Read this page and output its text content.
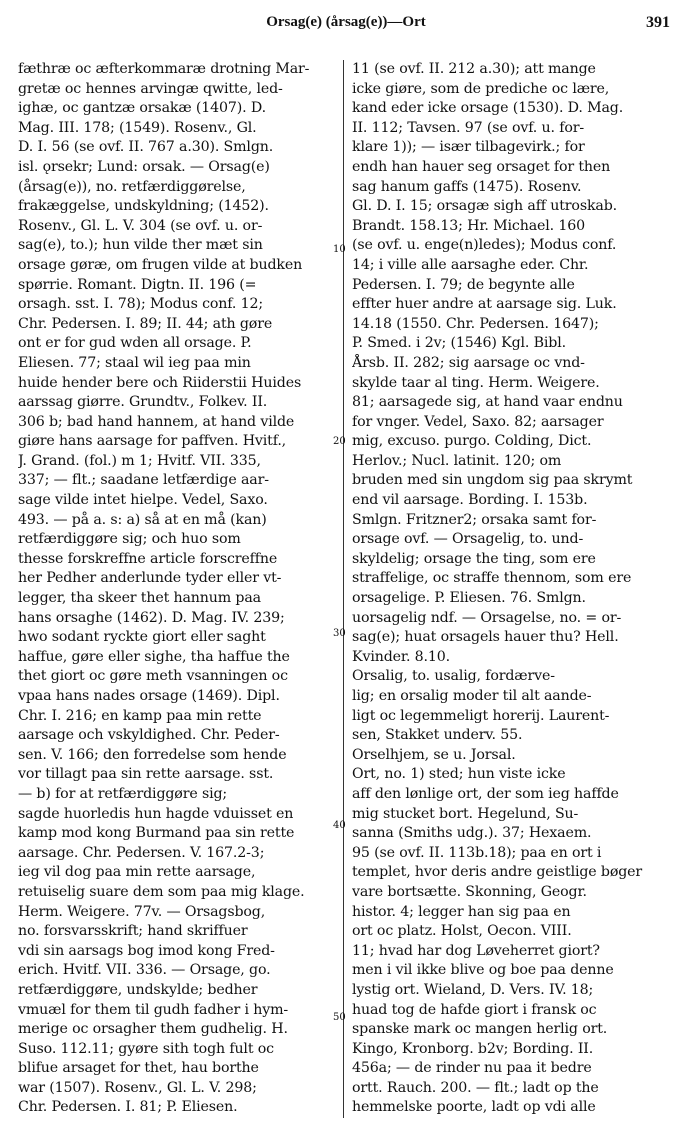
Orsag(e) (årsag(e))—Ort	391
10
20
30
40
50
fæthræ oc æfterkommaræ drotning Mar-
gretæ oc hennes arvingæ qwitte, led-
ighæ, oc gantzæ orsakæ (1407). D.
Mag. III. 178; (1549). Rosenv., Gl.
D. I. 56 (se ovf. II. 767 a.30). Smlgn.
isl. ǫrsekr; Lund: orsak. — Orsag(e)
(årsag(e)), no. retfærdiggørelse,
frakæggelse, undskyldning; (1452).
Rosenv., Gl. L. V. 304 (se ovf. u. or-
sag(e), to.); hun vilde ther mæt sin
orsage gøræ, om frugen vilde at budken
spørrie. Romant. Digtn. II. 196 (=
orsagh. sst. I. 78); Modus conf. 12;
Chr. Pedersen. I. 89; II. 44; ath gøre
ont er for gud wden all orsage. P.
Eliesen. 77; staal wil ieg paa min
huide hender bere och Riiderstii Huides
aarssag giørre. Grundtv., Folkev. II.
306 b; bad hand hannem, at hand vilde
giøre hans aarsage for paffven. Hvitf.,
J. Grand. (fol.) m 1; Hvitf. VII. 335,
337; — flt.; saadane letfærdige aar-
sage vilde intet hielpe. Vedel, Saxo.
493. — på a. s: a) så at en må (kan)
retfærdiggøre sig; och huo som
thesse forskreffne article forscreffne
her Pedher anderlunde tyder eller vt-
legger, tha skeer thet hannum paa
hans orsaghe (1462). D. Mag. IV. 239;
hwo sodant ryckte giort eller saght
haffue, gøre eller sighe, tha haffue the
thet giort oc gøre meth vsanningen oc
vpaa hans nades orsage (1469). Dipl.
Chr. I. 216; en kamp paa min rette
aarsage och vskyldighed. Chr. Peder-
sen. V. 166; den forredelse som hende
vor tillagt paa sin rette aarsage. sst.
— b) for at retfærdiggøre sig;
sagde huorledis hun hagde vduisset en
kamp mod kong Burmand paa sin rette
aarsage. Chr. Pedersen. V. 167.2-3;
ieg vil dog paa min rette aarsage,
retuiselig suare dem som paa mig klage.
Herm. Weigere. 77v. — Orsagsbog,
no. forsvarsskrift; hand skriffuer
vdi sin aarsags bog imod kong Fred-
erich. Hvitf. VII. 336. — Orsage, go.
retfærdiggøre, undskylde; bedher
vmuæl for them til gudh fadher i hym-
merige oc orsagher them gudhelig. H.
Suso. 112.11; gyøre sith togh fult oc
blifue arsaget for thet, hau borthe
war (1507). Rosenv., Gl. L. V. 298;
Chr. Pedersen. I. 81; P. Eliesen.
11 (se ovf. II. 212 a.30); att mange
icke giøre, som de prediche oc lære,
kand eder icke orsage (1530). D. Mag.
II. 112; Tavsen. 97 (se ovf. u. for-
klare 1)); — især tilbagevirk.; for
endh han hauer seg orsaget for then
sag hanum gaffs (1475). Rosenv.
Gl. D. I. 15; orsagæ sigh aff utroskab.
Brandt. 158.13; Hr. Michael. 160
(se ovf. u. enge(n)ledes); Modus conf.
14; i ville alle aarsaghe eder. Chr.
Pedersen. I. 79; de begynte alle
effter huer andre at aarsage sig. Luk.
14.18 (1550. Chr. Pedersen. 1647);
P. Smed. i 2v; (1546) Kgl. Bibl.
Årsb. II. 282; sig aarsage oc vnd-
skylde taar al ting. Herm. Weigere.
81; aarsagede sig, at hand vaar endnu
for vnger. Vedel, Saxo. 82; aarsager
mig, excuso. purgo. Colding, Dict.
Herlov.; Nucl. latinit. 120; om
bruden med sin ungdom sig paa skrymt
end vil aarsage. Bording. I. 153b.
Smlgn. Fritzner2; orsaka samt for-
orsage ovf. — Orsagelig, to. und-
skyldelig; orsage the ting, som ere
straffelige, oc straffe thennom, som ere
orsagelige. P. Eliesen. 76. Smlgn.
uorsagelig ndf. — Orsagelse, no. = or-
sag(e); huat orsagels hauer thu? Hell.
Kvinder. 8.10.
Orsalig, to. usalig, fordærve-
lig; en orsalig moder til alt aande-
ligt oc legemmeligt horerij. Laurent-
sen, Stakket underv. 55.
Orselhjem, se u. Jorsal.
Ort, no. 1) sted; hun viste icke
aff den lønlige ort, der som ieg haffde
mig stucket bort. Hegelund, Su-
sanna (Smiths udg.). 37; Hexaem.
95 (se ovf. II. 113b.18); paa en ort i
templet, hvor deris andre geistlige bøger
vare bortsætte. Skonning, Geogr.
histor. 4; legger han sig paa en
ort oc platz. Holst, Oecon. VIII.
11; hvad har dog Løveherret giort?
men i vil ikke blive og boe paa denne
lystig ort. Wieland, D. Vers. IV. 18;
huad tog de hafde giort i fransk oc
spanske mark oc mangen herlig ort.
Kingo, Kronborg. b2v; Bording. II.
456a; — de rinder nu paa it bedre
ortt. Rauch. 200. — flt.; ladt op the
hemmelske poorte, ladt op vdi alle
